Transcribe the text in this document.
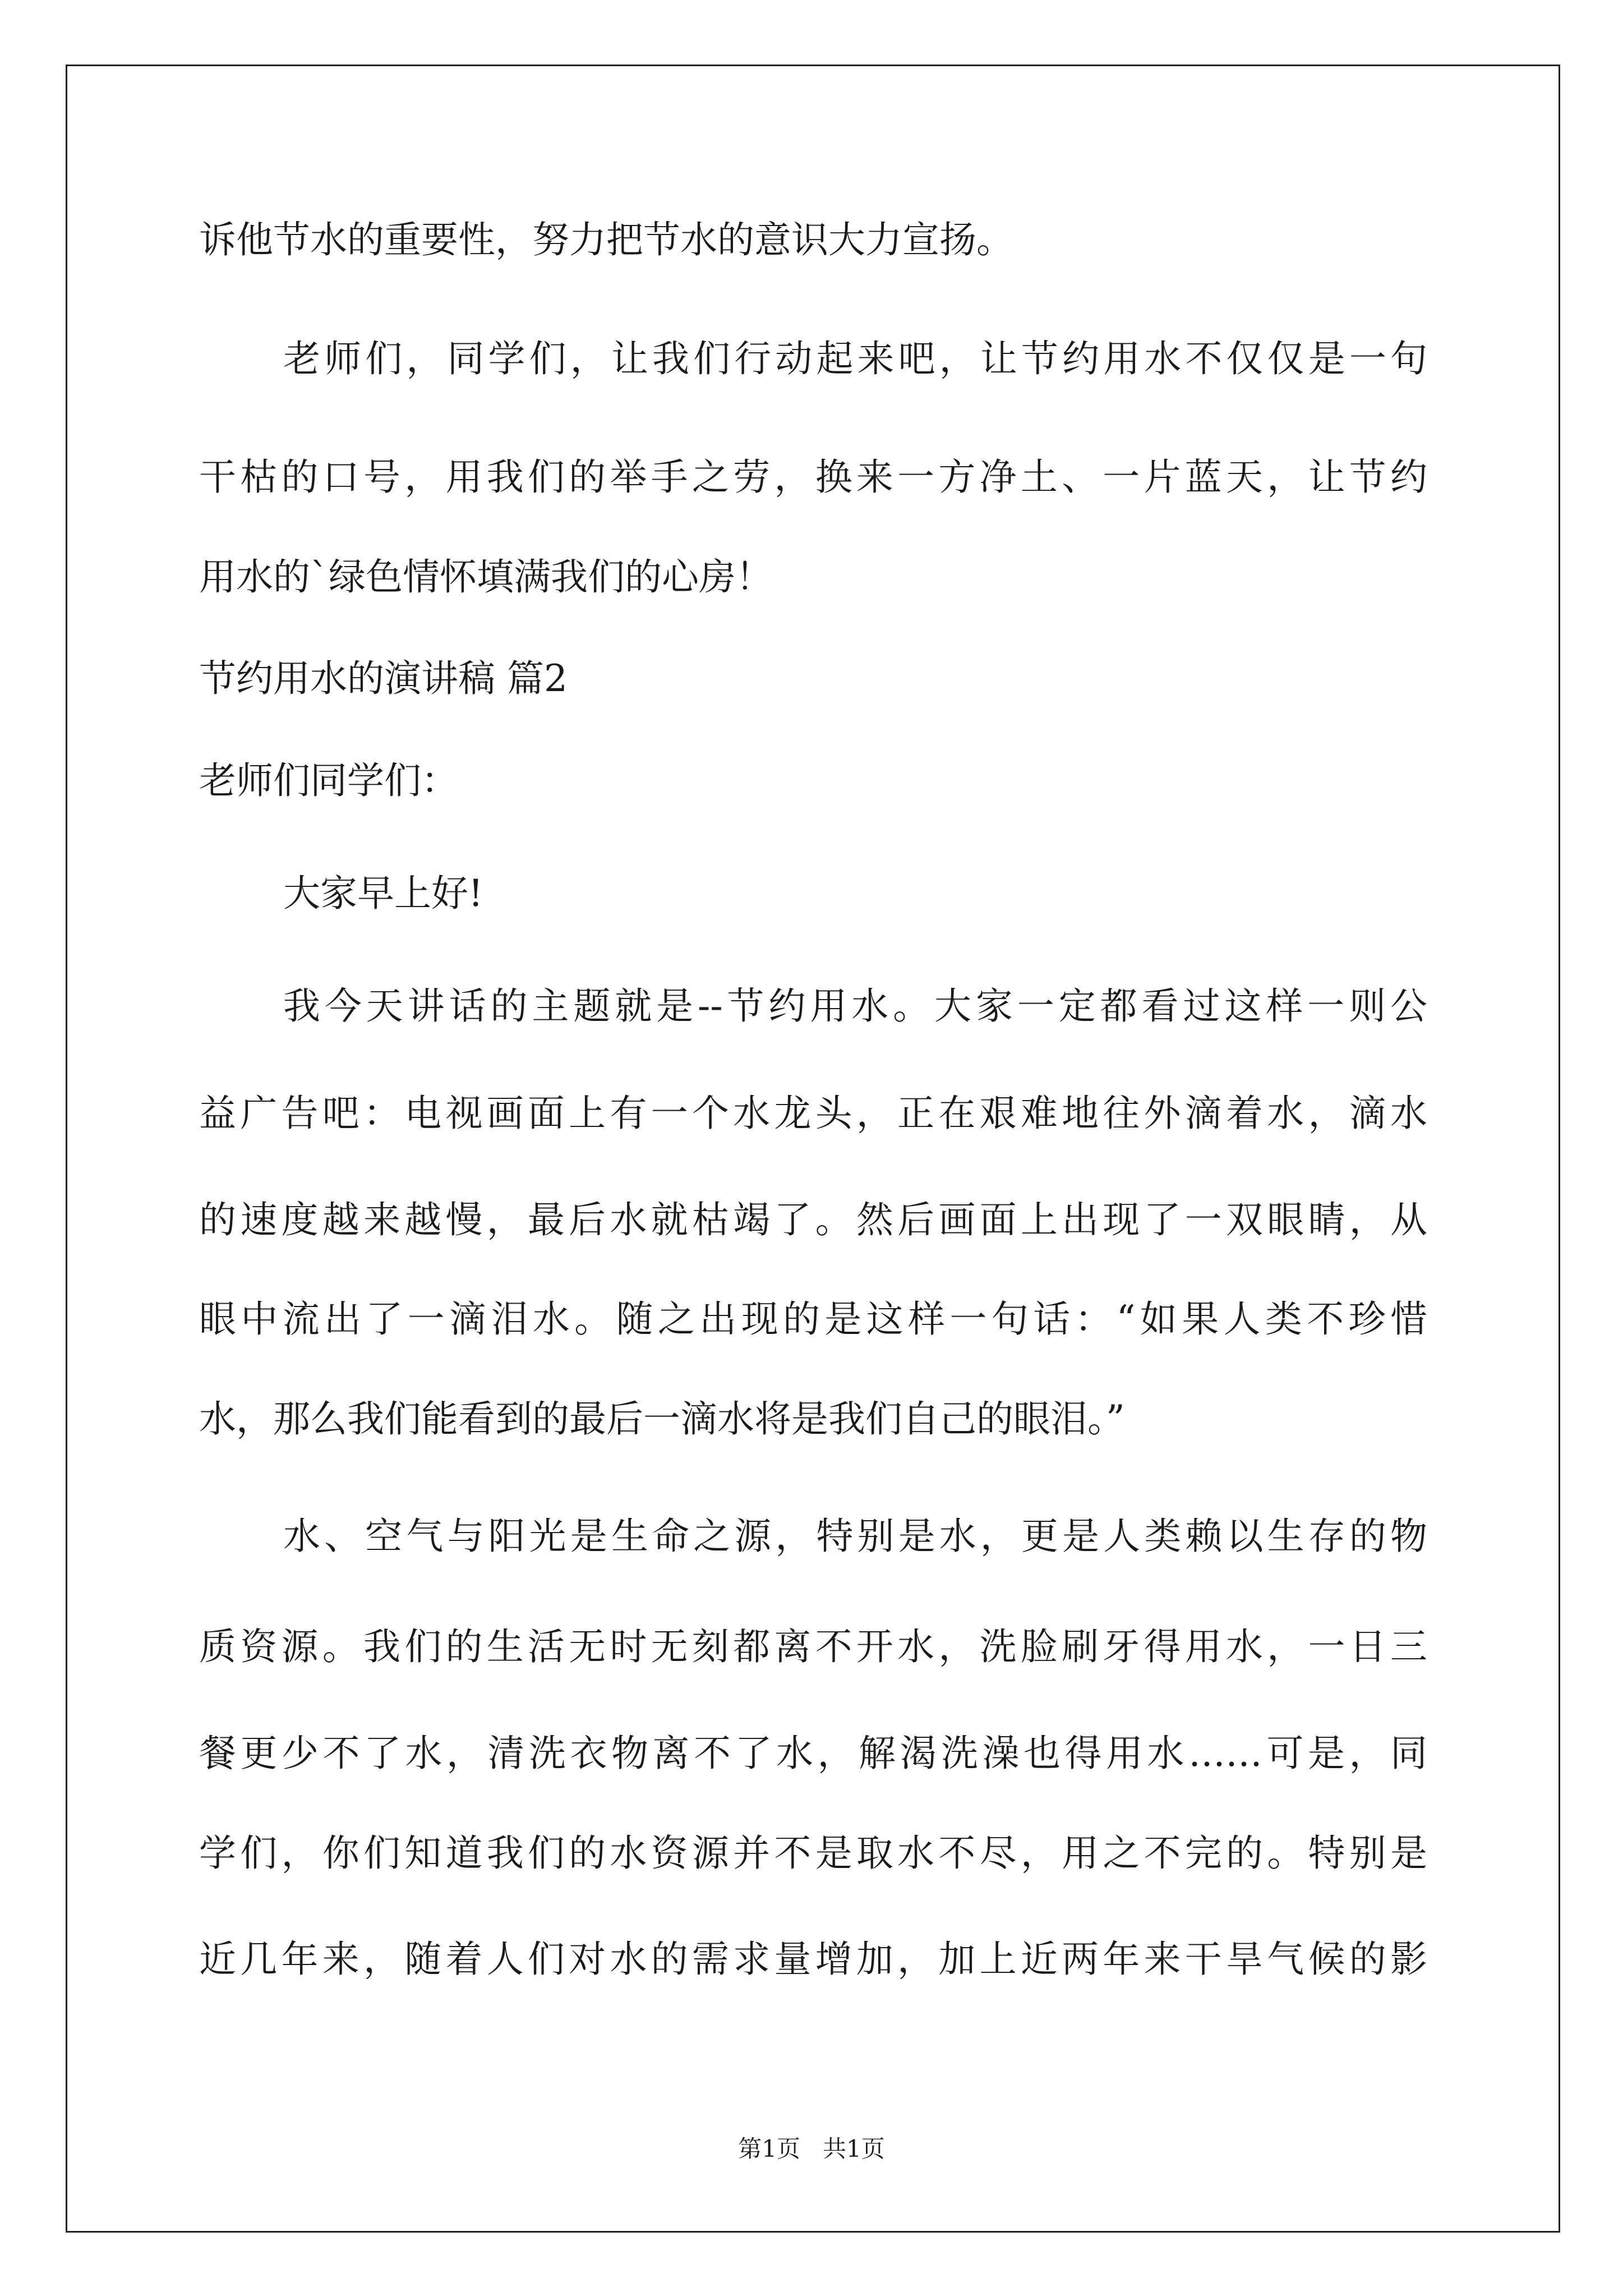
诉他节水的重要性，努力把节水的意识大力宣扬。
老师们，同学们，让我们行动起来吧，让节约用水不仅仅是一句
干枯的口号，用我们的举手之劳，换来一方净土、一片蓝天，让节约
用水的`绿色情怀填满我们的心房！
节约用水的演讲稿 篇2
老师们同学们：
大家早上好!
我今天讲话的主题就是--节约用水。大家一定都看过这样一则公
益广告吧：电视画面上有一个水龙头，正在艰难地往外滴着水，滴水
的速度越来越慢，最后水就枯竭了。然后画面上出现了一双眼睛，从
眼中流出了一滴泪水。随之出现的是这样一句话：“如果人类不珍惜
水，那么我们能看到的最后一滴水将是我们自己的眼泪。”
水、空气与阳光是生命之源，特别是水，更是人类赖以生存的物
质资源。我们的生活无时无刻都离不开水，洗脸刷牙得用水，一日三
餐更少不了水，清洗衣物离不了水，解渴洗澡也得用水……可是，同
学们，你们知道我们的水资源并不是取水不尽，用之不完的。特别是
近几年来，随着人们对水的需求量增加，加上近两年来干旱气候的影
第1页   共1页
